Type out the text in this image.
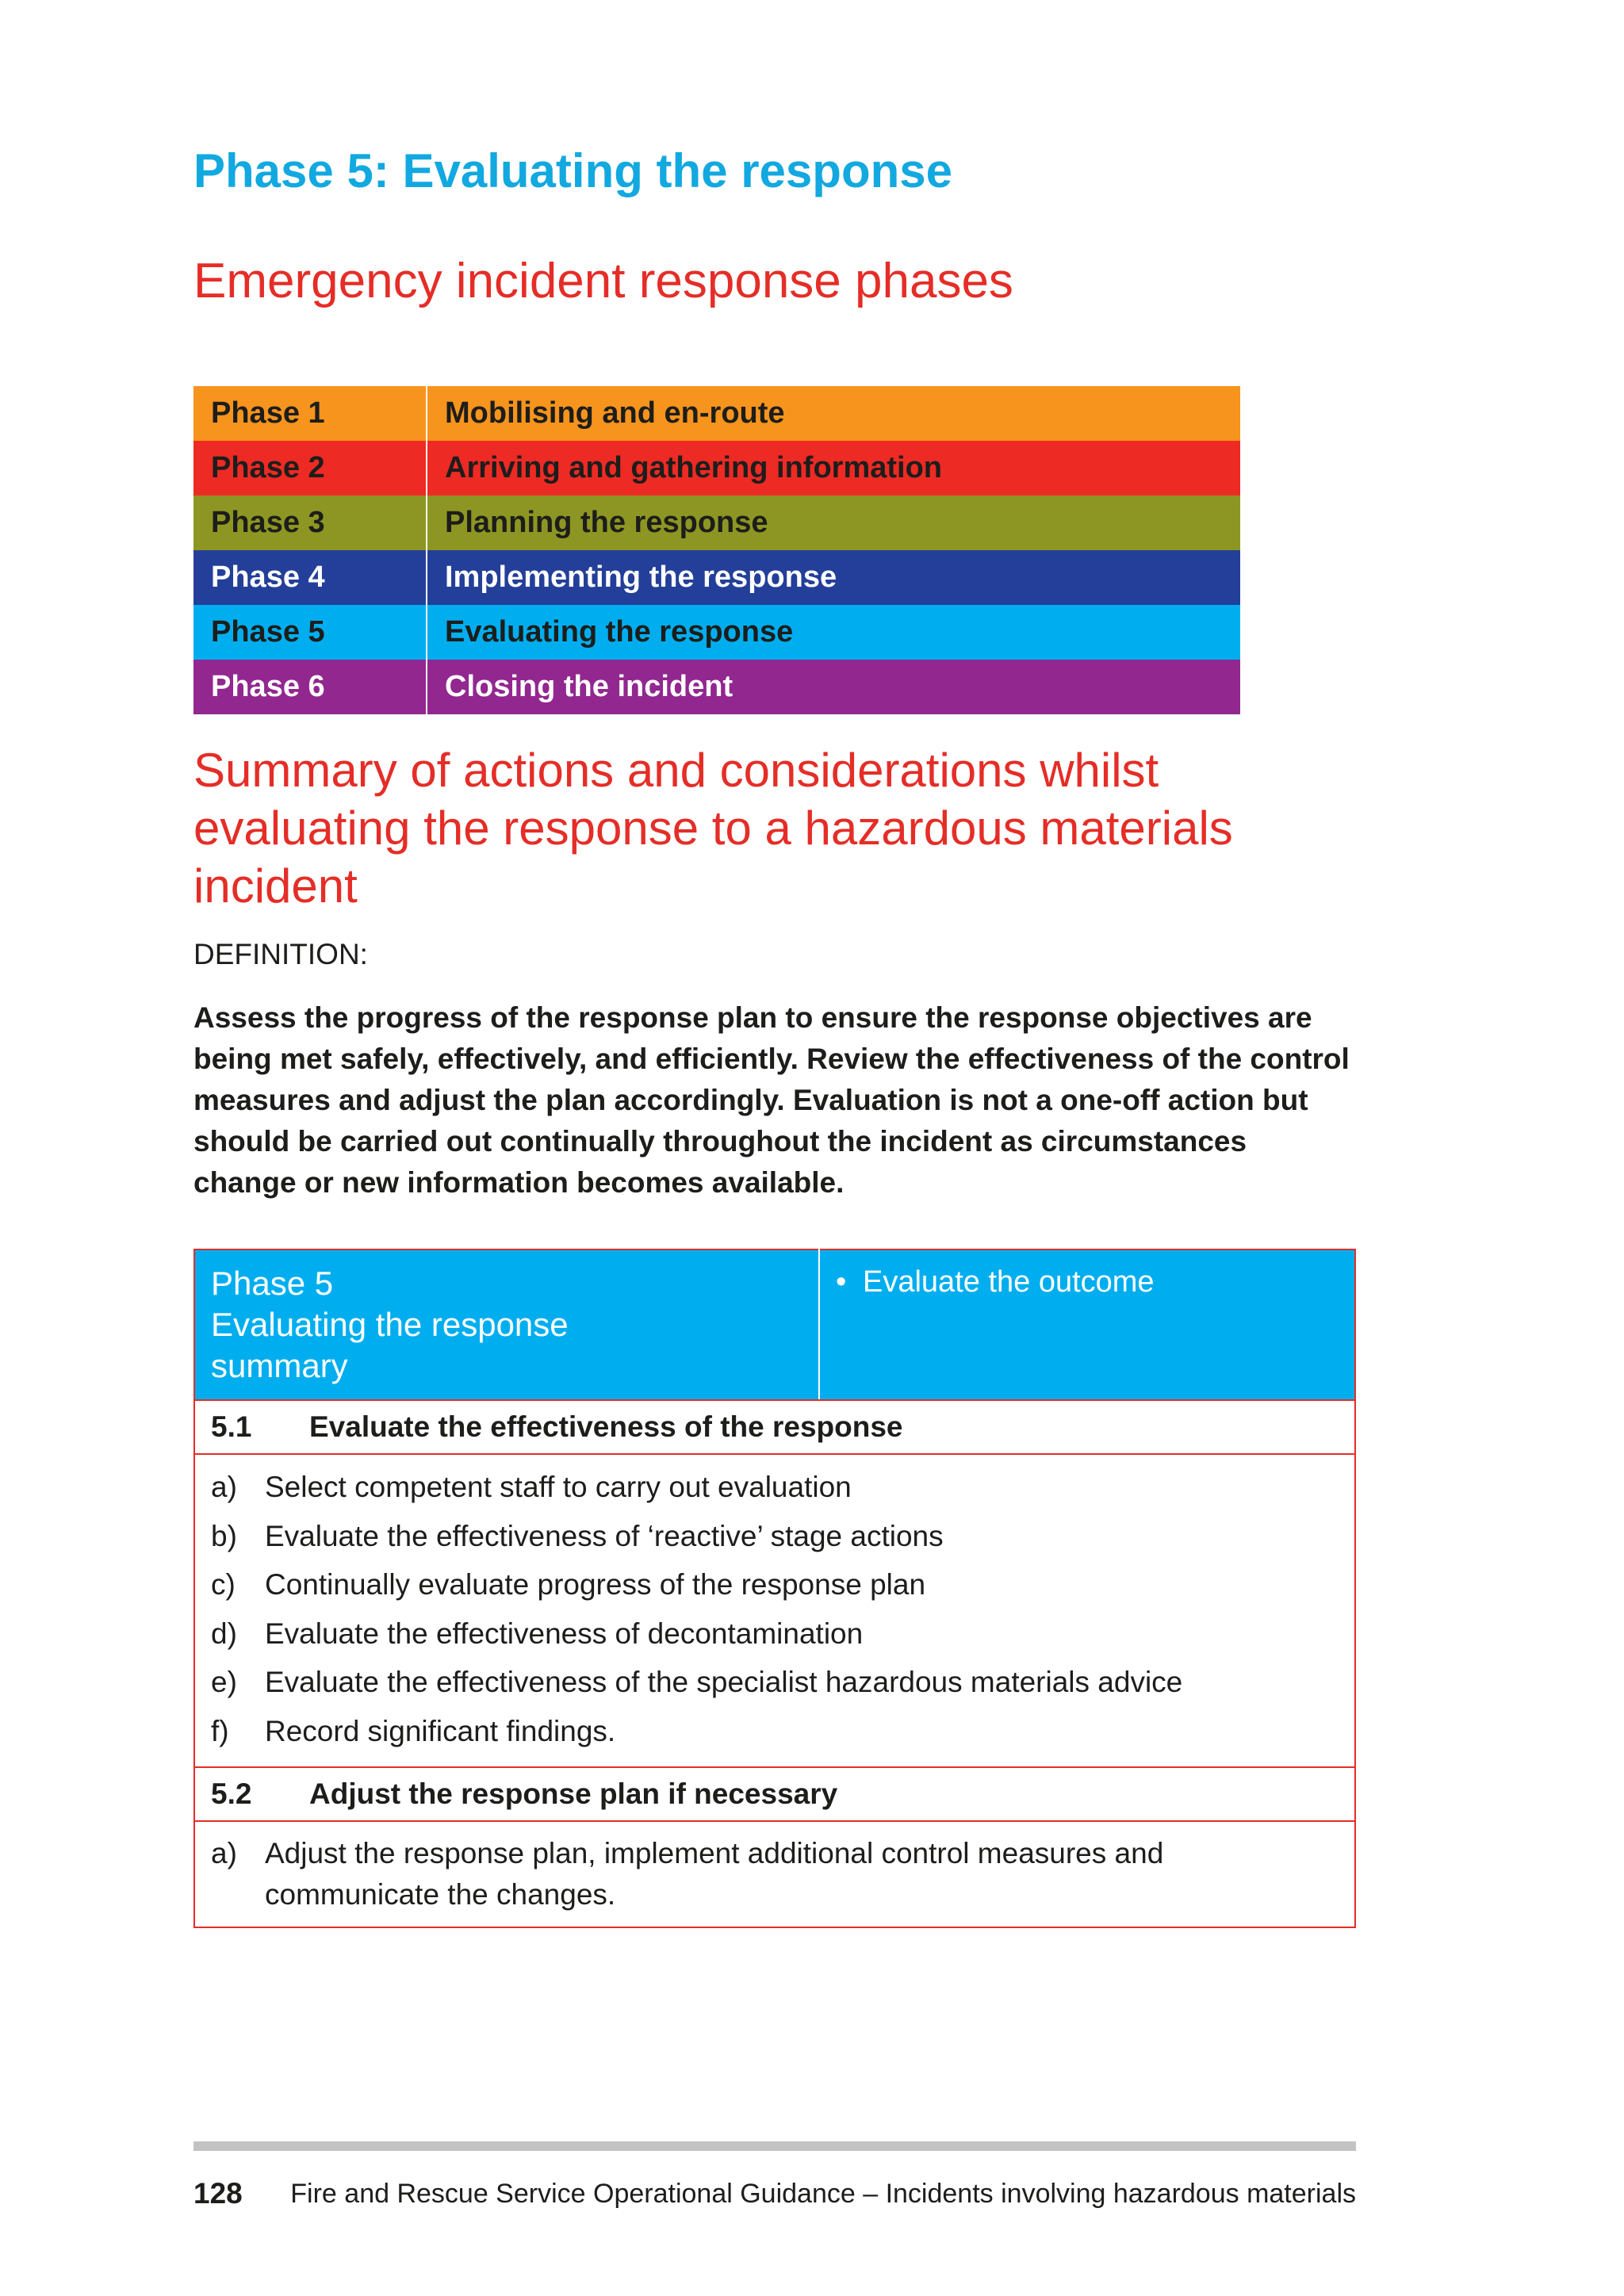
Phase 5: Evaluating the response
Emergency incident response phases
Phase 1	Mobilising and en-route
Phase 2	Arriving and gathering information
Phase 3	Planning the response
Phase 4	Implementing the response
Phase 5	Evaluating the response
Phase 6	Closing the incident
Summary of actions and considerations whilst evaluating the response to a hazardous materials incident

DEFINITION:

Assess the progress of the response plan to ensure the response objectives are being met safely, effectively, and efficiently. Review the effectiveness of the control measures and adjust the plan accordingly. Evaluation is not a one-off action but should be carried out continually throughout the incident as circumstances change or new information becomes available.

Phase 5
Evaluating the response
summary
	• Evaluate the outcome
5.1 Evaluate the effectiveness of the response

a) Select competent staff to carry out evaluation
b) Evaluate the effectiveness of ‘reactive’ stage actions
c)	Continually evaluate progress of the response plan
d) Evaluate the effectiveness of decontamination
e) Evaluate the effectiveness of the specialist hazardous materials advice
f)	Record significant findings.

5.2 Adjust the response plan if necessary

a) Adjust the response plan, implement additional control measures and communicate the changes.
128 Fire and Rescue Service Operational Guidance – Incidents involving hazardous materials
